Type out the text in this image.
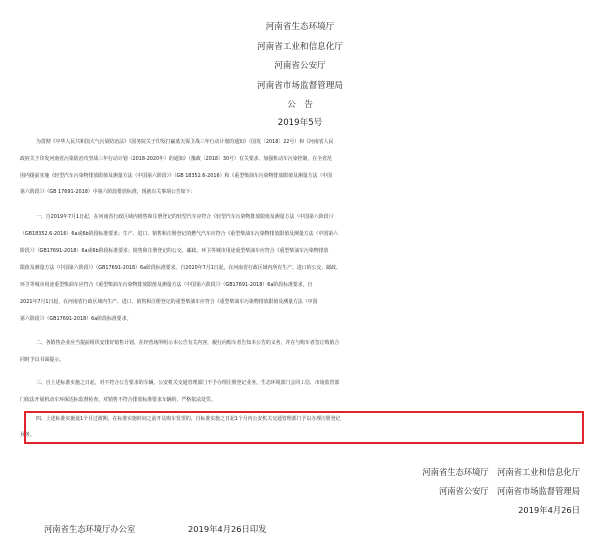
河南省生态环境厅
河南省工业和信息化厅
河南省公安厅
河南省市场监督管理局
公　告
2019年5号
为贯彻《中华人民共和国大气污染防治法》《国务院关于印发打赢蓝天保卫战三年行动计划的通知》（国发〔2018〕22号）和《河南省人民
政府关于印发河南省污染防治攻坚战三年行动计划（2018-2020年）的通知》（豫政〔2018〕30号）有关要求，加强机动车污染控制，在全省范
围内提前实施《轻型汽车污染物排放限值及测量方法（中国第六阶段）》（GB 18352.6-2016）和《重型柴油车污染物排放限值及测量方法（中国
第六阶段）》（GB 17691-2018）中第六阶段排放标准，现就有关事项公告如下：
一、自2019年7月1日起，在河南省行政区域内销售和注册登记的轻型汽车应符合《轻型汽车污染物排放限值及测量方法（中国第六阶段）》
（GB18352.6-2016）6a或6b阶段标准要求；生产、进口、销售和注册登记的燃气汽车应符合《重型柴油车污染物排放限值及测量方法（中国第六
阶段）》（GB17691-2018）6a或6b阶段标准要求；销售和注册登记的公交、邮政、环卫等城市用途重型柴油车应符合《重型柴油车污染物排放
限值及测量方法（中国第六阶段）》（GB17691-2018）6a阶段标准要求。自2020年7月1日起，在河南省行政区域内所有生产、进口的公交、邮政、
环卫等城市用途重型柴油车应符合《重型柴油车污染物排放限值及测量方法（中国第六阶段）》（GB17691-2018）6a阶段标准要求。自
2021年7月1日起，在河南省行政区域内生产、进口、销售和注册登记的重型柴油车应符合《重型柴油车污染物排放限值及测量方法（中国
第六阶段）》（GB17691-2018）6a阶段标准要求。
二、各销售企业应当提前组织安排好销售计划，在经营场所明示本公告有关内容，履行向购车者告知本公告的义务，并在与购车者签订购销合
同时予以书面提示。
三、自上述标准实施之日起，对不符合公告要求的车辆，公安机关交通管理部门不予办理注册登记业务。生态环境部门会同工信、市场监管部
门依法开展机动车环保达标监督检查，对销售不符合排放标准要求车辆的，严格依法处罚。
四、上述标准实施设1个月过渡期，在标准实施时间之前开具购车发票的，自标准实施之日起1个月内公安机关交通管理部门予以办理注册登记
业务。
河南省生态环境厅　河南省工业和信息化厅
河南省公安厅　河南省市场监督管理局
2019年4月26日
河南省生态环境厅办公室	2019年4月26日印发
